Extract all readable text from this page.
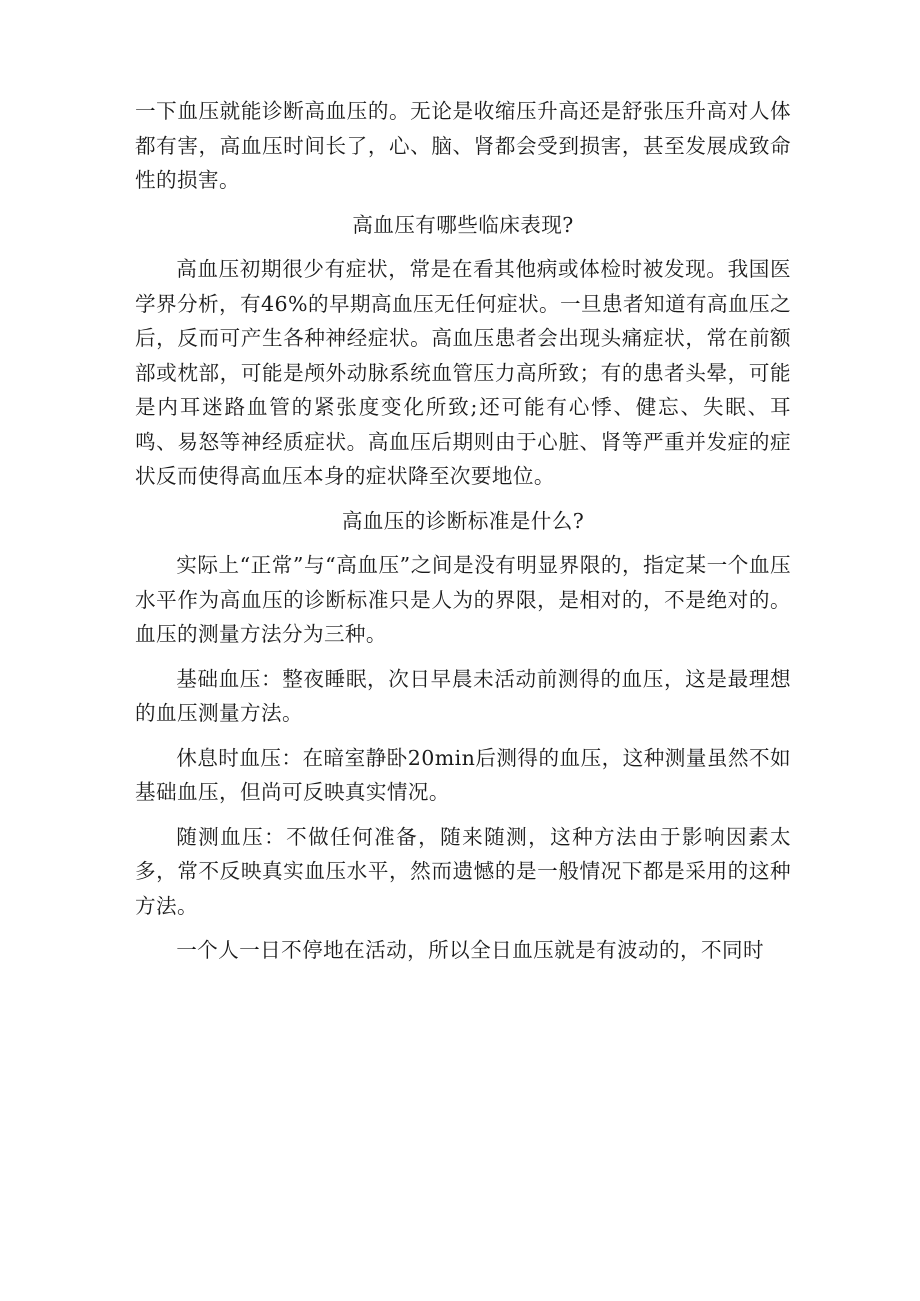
一下血压就能诊断高血压的。无论是收缩压升高还是舒张压升高对人体都有害，高血压时间长了，心、脑、肾都会受到损害，甚至发展成致命性的损害。

高血压有哪些临床表现?

高血压初期很少有症状，常是在看其他病或体检时被发现。我国医学界分析，有46%的早期高血压无任何症状。一旦患者知道有高血压之后，反而可产生各种神经症状。高血压患者会出现头痛症状，常在前额部或枕部，可能是颅外动脉系统血管压力高所致；有的患者头晕，可能是内耳迷路血管的紧张度变化所致;还可能有心悸、健忘、失眠、耳鸣、易怒等神经质症状。高血压后期则由于心脏、肾等严重并发症的症状反而使得高血压本身的症状降至次要地位。

高血压的诊断标准是什么?

实际上“正常”与“高血压”之间是没有明显界限的，指定某一个血压水平作为高血压的诊断标准只是人为的界限，是相对的，不是绝对的。血压的测量方法分为三种。

基础血压：整夜睡眠，次日早晨未活动前测得的血压，这是最理想的血压测量方法。

休息时血压：在暗室静卧20min后测得的血压，这种测量虽然不如基础血压，但尚可反映真实情况。

随测血压：不做任何准备，随来随测，这种方法由于影响因素太多，常不反映真实血压水平，然而遗憾的是一般情况下都是采用的这种方法。

一个人一日不停地在活动，所以全日血压就是有波动的，不同时
